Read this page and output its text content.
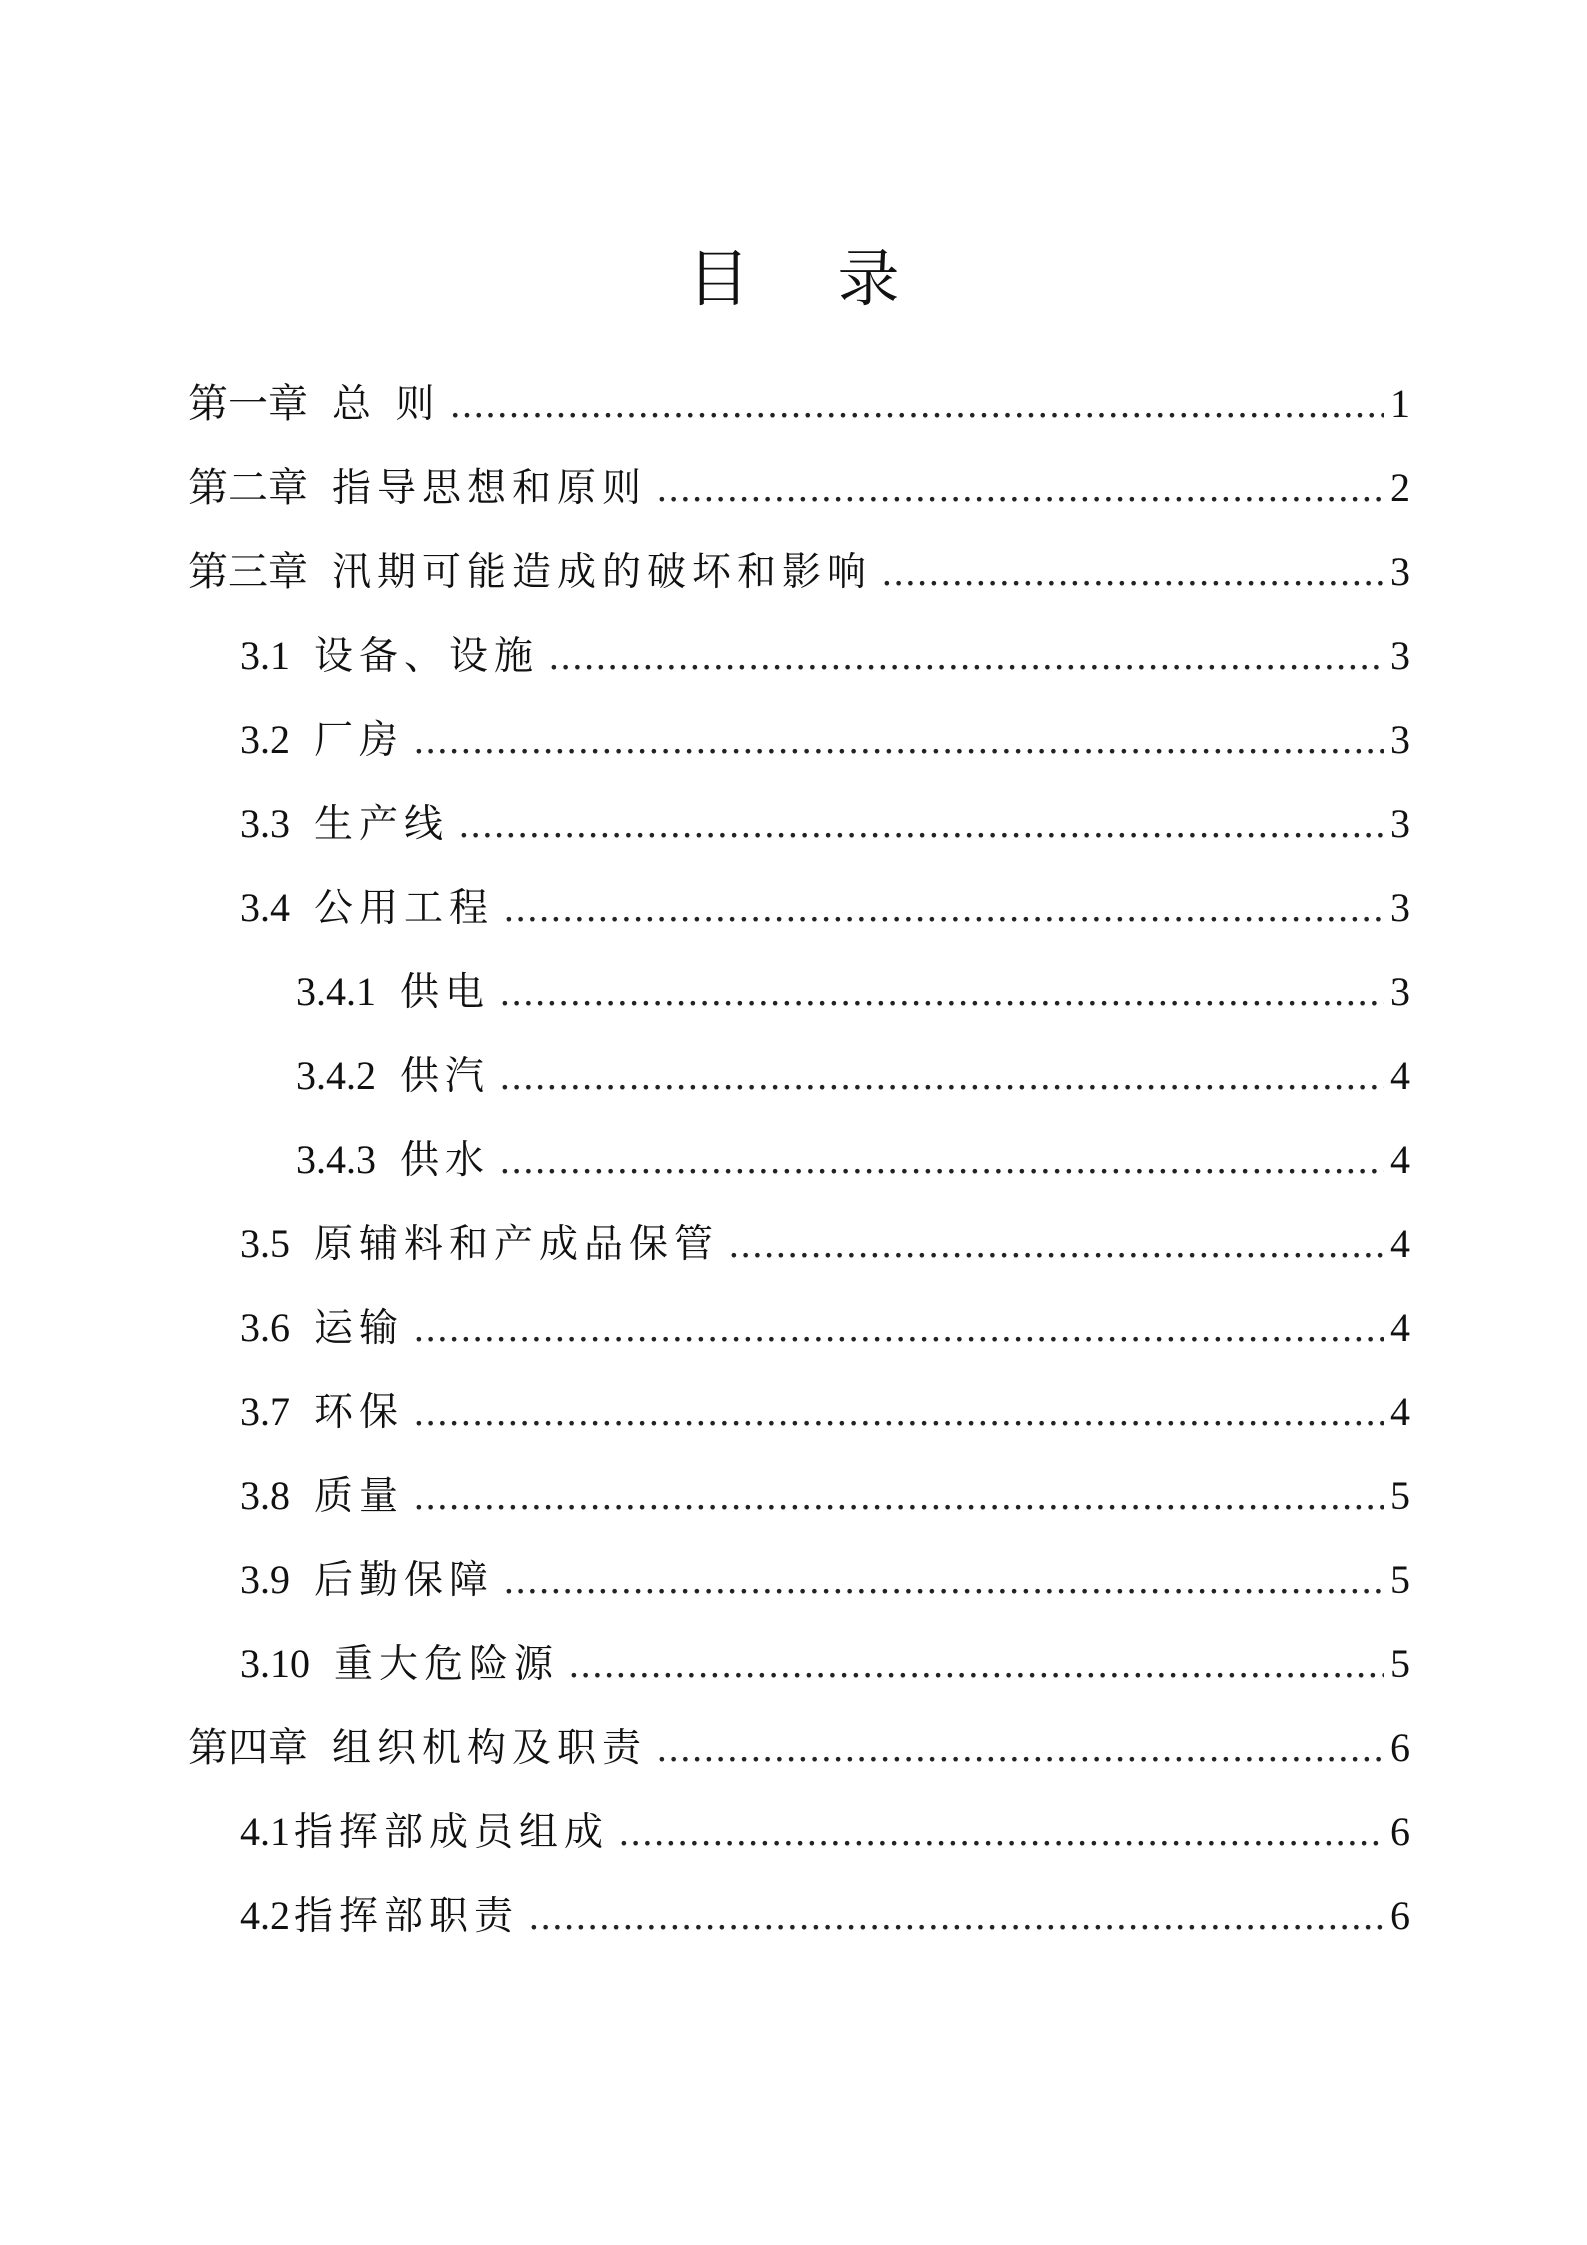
目录
第一章 总 则 .....	1
第二章 指导思想和原则 .....	2
第三章 汛期可能造成的破坏和影响 .....	3
3.1 设备、设施 .....	3
3.2 厂房 .....	3
3.3 生产线 .....	3
3.4 公用工程 .....	3
3.4.1 供电 .....	3
3.4.2 供汽 .....	4
3.4.3 供水 .....	4
3.5 原辅料和产成品保管 .....	4
3.6 运输 .....	4
3.7 环保 .....	4
3.8 质量 .....	5
3.9 后勤保障 .....	5
3.10 重大危险源 .....	5
第四章 组织机构及职责 .....	6
4.1 指挥部成员组成 .....	6
4.2 指挥部职责 .....	6
